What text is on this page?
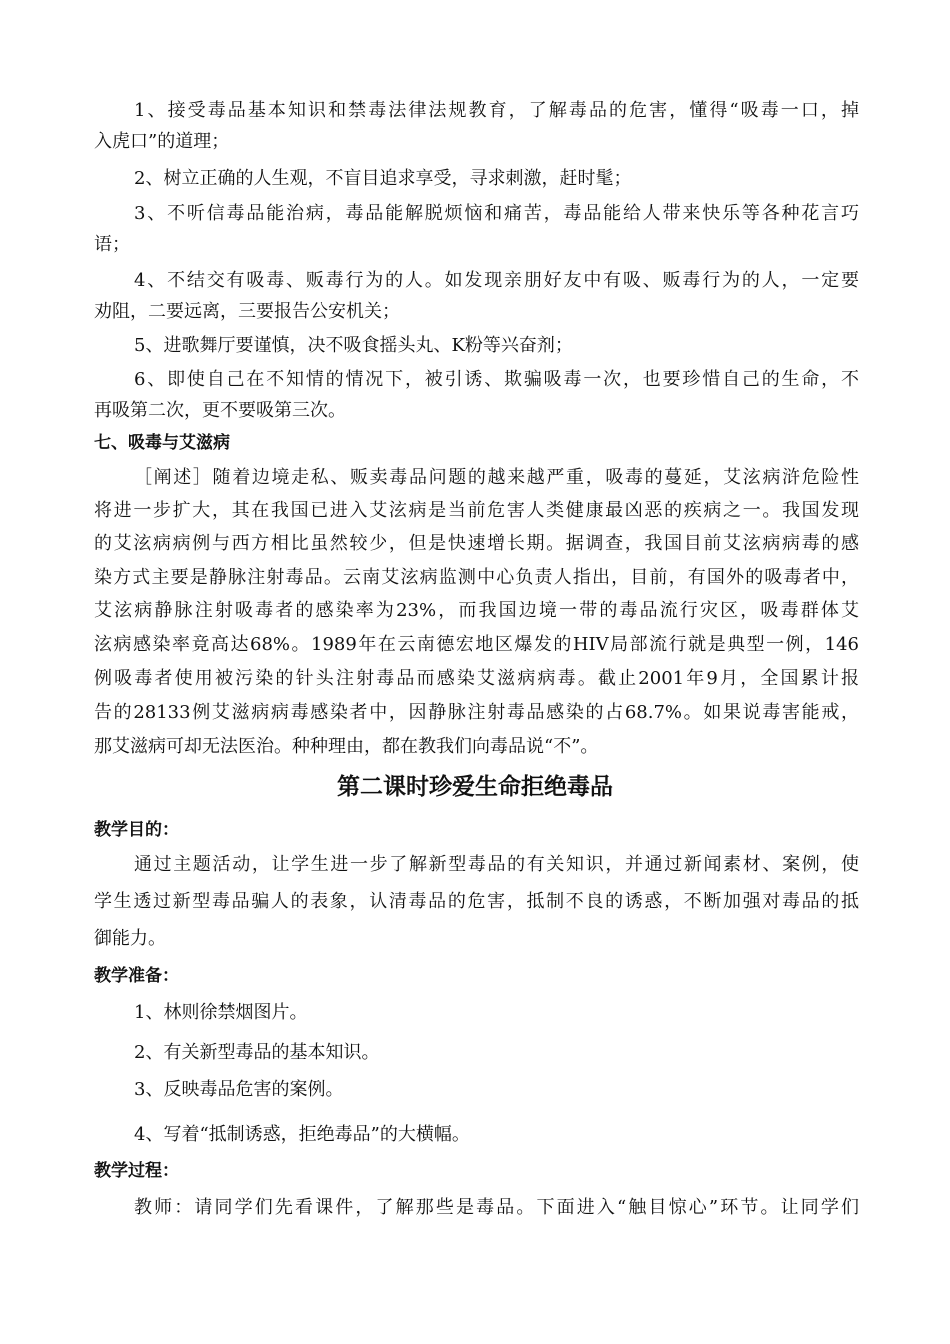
1、接受毒品基本知识和禁毒法律法规教育，了解毒品的危害，懂得“吸毒一口，掉
入虎口”的道理；
2、树立正确的人生观，不盲目追求享受，寻求刺激，赶时髦；
3、不听信毒品能治病，毒品能解脱烦恼和痛苦，毒品能给人带来快乐等各种花言巧
语；
4、不结交有吸毒、贩毒行为的人。如发现亲朋好友中有吸、贩毒行为的人，一定要
劝阻，二要远离，三要报告公安机关；
5、进歌舞厅要谨慎，决不吸食摇头丸、K粉等兴奋剂；
6、即使自己在不知情的情况下，被引诱、欺骗吸毒一次，也要珍惜自己的生命，不
再吸第二次，更不要吸第三次。
七、吸毒与艾滋病
［阐述］随着边境走私、贩卖毒品问题的越来越严重，吸毒的蔓延，艾泫病浒危险性
将进一步扩大，其在我国已进入艾泫病是当前危害人类健康最凶恶的疾病之一。我国发现
的艾泫病病例与西方相比虽然较少，但是快速增长期。据调查，我国目前艾泫病病毒的感
染方式主要是静脉注射毒品。云南艾泫病监测中心负责人指出，目前，有国外的吸毒者中，
艾泫病静脉注射吸毒者的感染率为23%，而我国边境一带的毒品流行灾区，吸毒群体艾
泫病感染率竟高达68%。1989年在云南德宏地区爆发的HIV局部流行就是典型一例，146
例吸毒者使用被污染的针头注射毒品而感染艾滋病病毒。截止2001年9月，全国累计报
告的28133例艾滋病病毒感染者中，因静脉注射毒品感染的占68.7%。如果说毒害能戒，
那艾滋病可却无法医治。种种理由，都在教我们向毒品说“不”。
第二课时珍爱生命拒绝毒品
教学目的：
通过主题活动，让学生进一步了解新型毒品的有关知识，并通过新闻素材、案例，使
学生透过新型毒品骗人的表象，认清毒品的危害，抵制不良的诱惑，不断加强对毒品的抵
御能力。
教学准备：
1、林则徐禁烟图片。
2、有关新型毒品的基本知识。
3、反映毒品危害的案例。
4、写着“抵制诱惑，拒绝毒品”的大横幅。
教学过程：
教师：请同学们先看课件，了解那些是毒品。下面进入“触目惊心”环节。让同学们
